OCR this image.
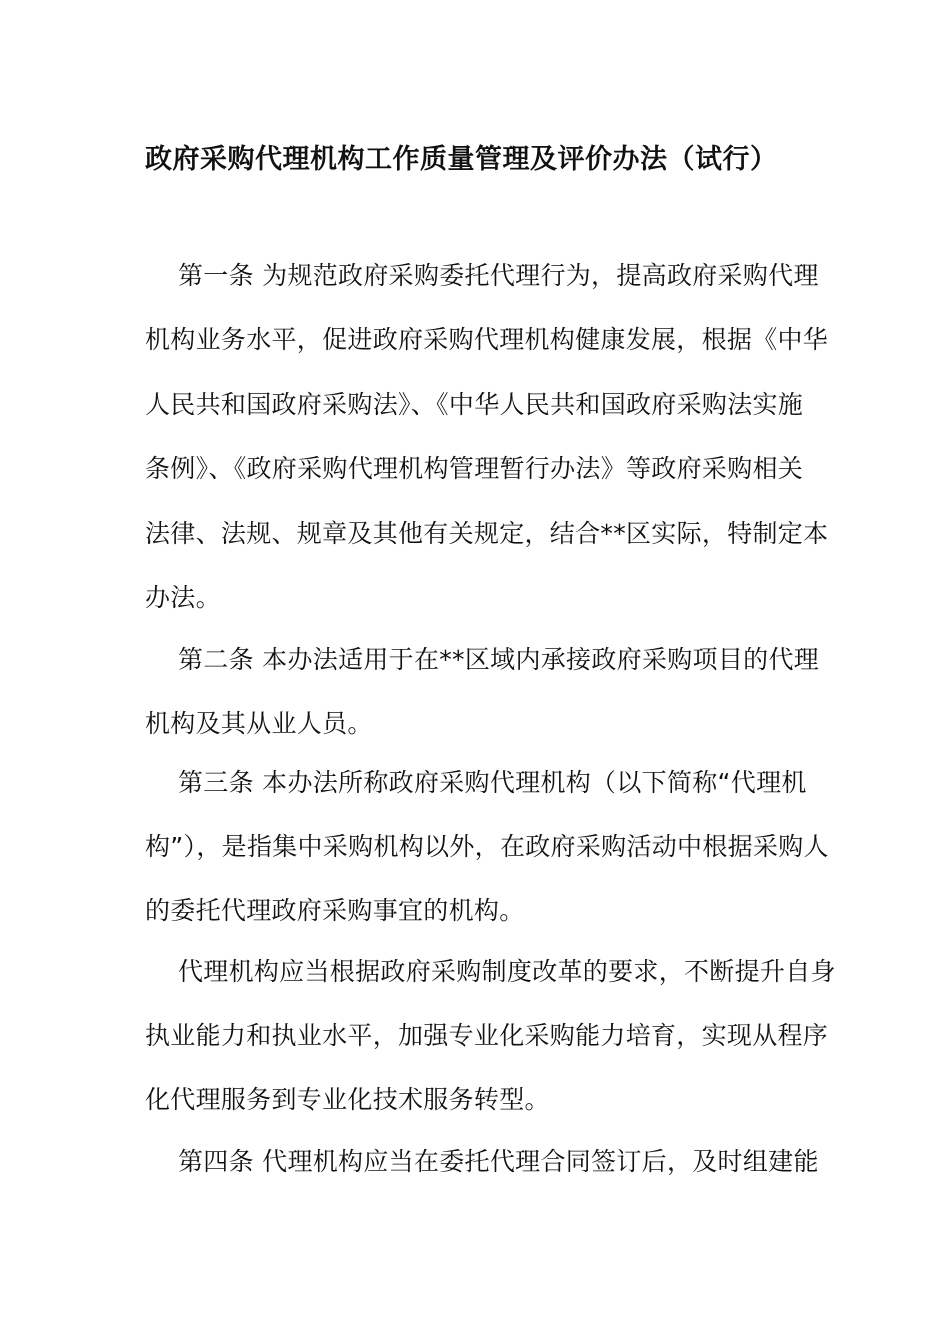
政府采购代理机构工作质量管理及评价办法（试行）
第一条 为规范政府采购委托代理行为，提高政府采购代理
机构业务水平，促进政府采购代理机构健康发展，根据《中华
人民共和国政府采购法》、《中华人民共和国政府采购法实施
条例》、《政府采购代理机构管理暂行办法》等政府采购相关
法律、法规、规章及其他有关规定，结合**区实际，特制定本
办法。
第二条 本办法适用于在**区域内承接政府采购项目的代理
机构及其从业人员。
第三条 本办法所称政府采购代理机构（以下简称“代理机
构”），是指集中采购机构以外，在政府采购活动中根据采购人
的委托代理政府采购事宜的机构。
代理机构应当根据政府采购制度改革的要求，不断提升自身
执业能力和执业水平，加强专业化采购能力培育，实现从程序
化代理服务到专业化技术服务转型。
第四条 代理机构应当在委托代理合同签订后，及时组建能
